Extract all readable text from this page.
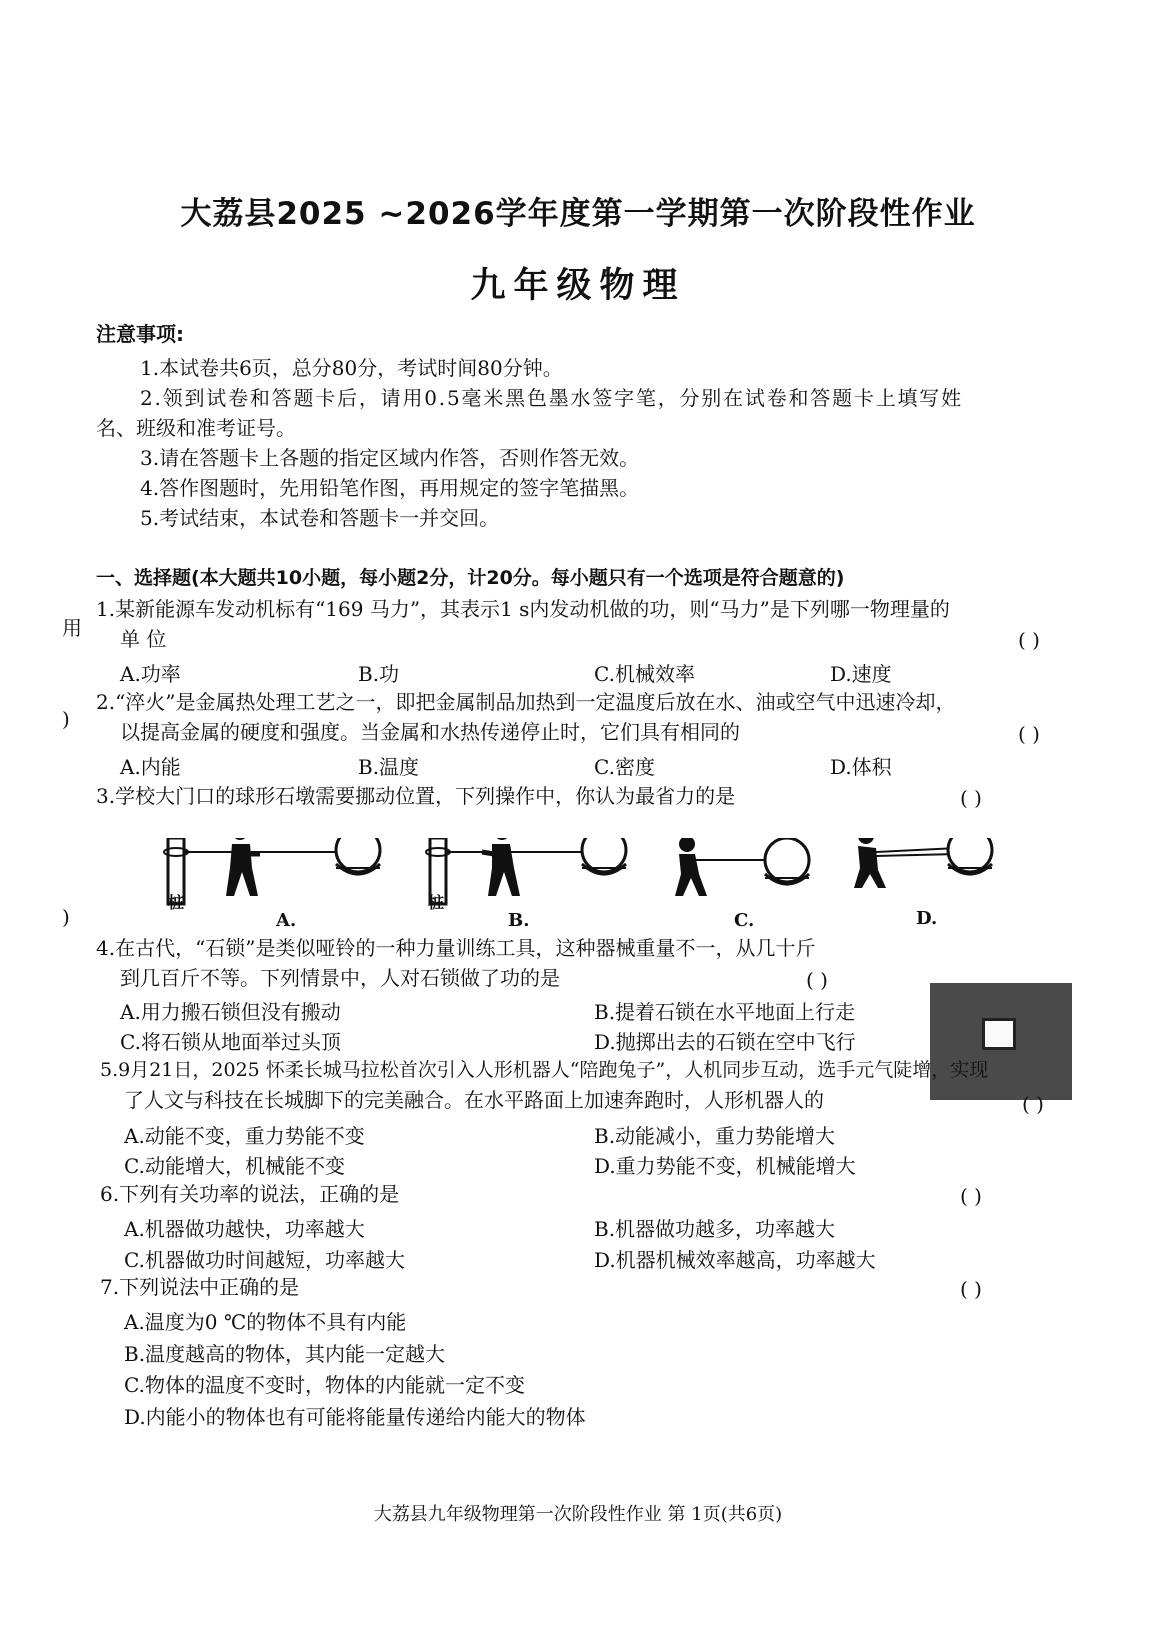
大荔县2025 ~2026学年度第一学期第一次阶段性作业
九年级物理
注意事项:
1.本试卷共6页，总分80分，考试时间80分钟。
2.领到试卷和答题卡后，请用0.5毫米黑色墨水签字笔，分别在试卷和答题卡上填写姓
名、班级和准考证号。
3.请在答题卡上各题的指定区域内作答，否则作答无效。
4.答作图题时，先用铅笔作图，再用规定的签字笔描黑。
5.考试结束，本试卷和答题卡一并交回。
一、选择题(本大题共10小题，每小题2分，计20分。每小题只有一个选项是符合题意的)
用
)
)
1.某新能源车发动机标有“169 马力”，其表示1 s内发动机做的功，则“马力”是下列哪一物理量的
单 位	( )
A.功率	B.功	C.机械效率	D.速度
2.“淬火”是金属热处理工艺之一，即把金属制品加热到一定温度后放在水、油或空气中迅速冷却，
以提高金属的硬度和强度。当金属和水热传递停止时，它们具有相同的	( )
A.内能	B.温度	C.密度	D.体积
3.学校大门口的球形石墩需要挪动位置，下列操作中，你认为最省力的是	( )
桩	桩
A.	B.	C.	D.
4.在古代，“石锁”是类似哑铃的一种力量训练工具，这种器械重量不一，从几十斤
到几百斤不等。下列情景中，人对石锁做了功的是	( )
A.用力搬石锁但没有搬动	B.提着石锁在水平地面上行走
C.将石锁从地面举过头顶	D.抛掷出去的石锁在空中飞行
5.9月21日，2025 怀柔长城马拉松首次引入人形机器人“陪跑兔子”，人机同步互动，选手元气陡增，实现
了人文与科技在长城脚下的完美融合。在水平路面上加速奔跑时，人形机器人的	( )
A.动能不变，重力势能不变	B.动能减小，重力势能增大
C.动能增大，机械能不变	D.重力势能不变，机械能增大
6.下列有关功率的说法，正确的是	( )
A.机器做功越快，功率越大	B.机器做功越多，功率越大
C.机器做功时间越短，功率越大	D.机器机械效率越高，功率越大
7.下列说法中正确的是	( )
A.温度为0 ℃的物体不具有内能
B.温度越高的物体，其内能一定越大
C.物体的温度不变时，物体的内能就一定不变
D.内能小的物体也有可能将能量传递给内能大的物体
大荔县九年级物理第一次阶段性作业 第 1页(共6页)
